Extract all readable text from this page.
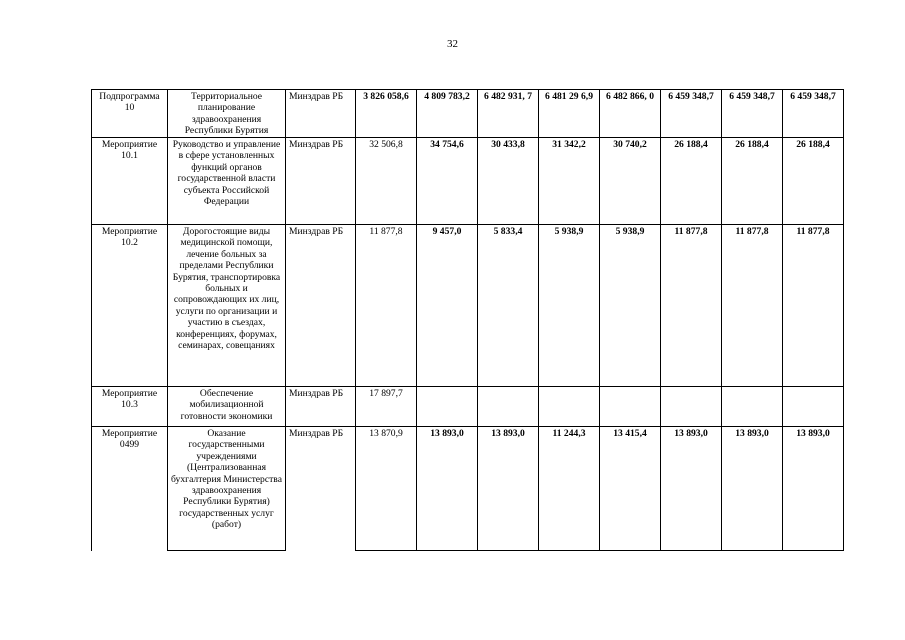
32
Подпрограмма 10	Территориальное планирование здравоохранения Республики Бурятия	Минздрав РБ	3 826 058,6	4 809 783,2	6 482 931, 7	6 481 29 6,9	6 482 866, 0	6 459 348,7	6 459 348,7	6 459 348,7
Мероприятие 10.1	Руководство и управление в сфере установленных функций органов государственной власти субъекта Российской Федерации	Минздрав РБ	32 506,8	34 754,6	30 433,8	31 342,2	30 740,2	26 188,4	26 188,4	26 188,4
Мероприятие 10.2	Дорогостоящие виды медицинской помощи, лечение больных за пределами Республики Бурятия, транспортировка больных и сопровождающих их лиц, услуги по организации и участию в съездах, конференциях, форумах, семинарах, совещаниях	Минздрав РБ	11 877,8	9 457,0	5 833,4	5 938,9	5 938,9	11 877,8	11 877,8	11 877,8
Мероприятие 10.3	Обеспечение мобилизационной готовности экономики	Минздрав РБ	17 897,7							
Мероприятие 0499	Оказание государственными учреждениями (Централизованная бухгалтерия Министерства здравоохранения Республики Бурятия) государственных услуг (работ)	Минздрав РБ	13 870,9	13 893,0	13 893,0	11 244,3	13 415,4	13 893,0	13 893,0	13 893,0
